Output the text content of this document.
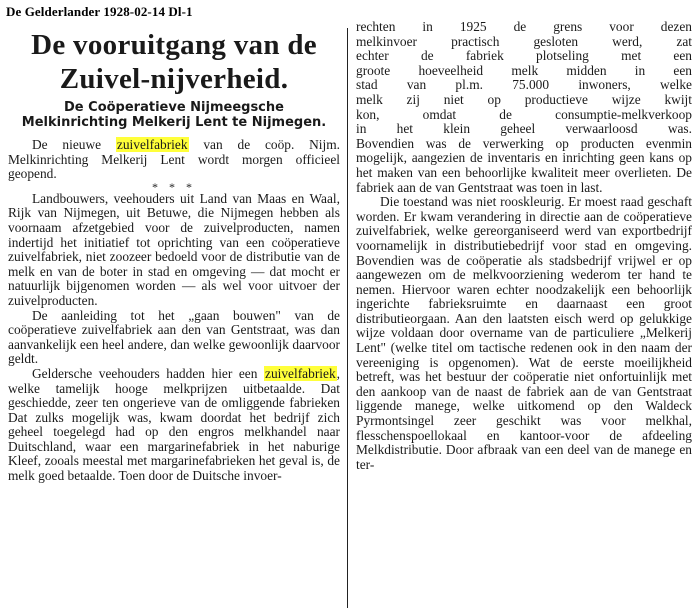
De Gelderlander 1928-02-14 Dl-1
De vooruitgang van de
Zuivel-nijverheid.
De Coöperatieve Nijmeegsche Melkinrichting Melkerij Lent te Nijmegen.

De nieuwe zuivelfabriek van de coöp. Nijm. Melkinrichting Melkerij Lent wordt morgen officieel geopend.

* * *

Landbouwers, veehouders uit Land van Maas en Waal, Rijk van Nijmegen, uit Betuwe, die Nijmegen hebben als voornaam afzetgebied voor de zuivelproducten, namen indertijd het initiatief tot oprichting van een coöperatieve zuivelfabriek, niet zoozeer bedoeld voor de distributie van de melk en van de boter in stad en omgeving — dat mocht er natuurlijk bijgenomen worden — als wel voor uitvoer der zuivelproducten.

De aanleiding tot het „gaan bouwen" van de coöperatieve zuivelfabriek aan den van Gentstraat, was dan aanvankelijk een heel andere, dan welke gewoonlijk daarvoor geldt.

Geldersche veehouders hadden hier een zuivelfabriek, welke tamelijk hooge melkprijzen uitbetaalde. Dat geschiedde, zeer ten ongerieve van de omliggende fabrieken Dat zulks mogelijk was, kwam doordat het bedrijf zich geheel toegelegd had op den engros melkhandel naar Duitschland, waar een margarinefabriek in het naburige Kleef, zooals meestal met margarinefabrieken het geval is, de melk goed betaalde. Toen door de Duitsche invoer-

rechten in 1925 de grens voor dezen
melkinvoer practisch gesloten werd, zat
echter de fabriek plotseling met een
groote hoeveelheid melk midden in een
stad van pl.m. 75.000 inwoners, welke
melk zij niet op productieve wijze kwijt
kon, omdat de consumptie-melkverkoop
in het klein geheel verwaarloosd was.
Bovendien was de verwerking op producten evenmin mogelijk, aangezien de inventaris en inrichting geen kans op het maken van een behoorlijke kwaliteit meer overlieten. De fabriek aan de van Gentstraat was toen in last.

Die toestand was niet rooskleurig. Er moest raad geschaft worden. Er kwam verandering in directie aan de coöperatieve zuivelfabriek, welke gereorganiseerd werd van exportbedrijf voornamelijk in distributiebedrijf voor stad en omgeving. Bovendien was de coöperatie als stadsbedrijf vrijwel er op aangewezen om de melkvoorziening wederom ter hand te nemen. Hiervoor waren echter noodzakelijk een behoorlijk ingerichte fabrieksruimte en daarnaast een groot distributieorgaan. Aan den laatsten eisch werd op gelukkige wijze voldaan door overname van de particuliere „Melkerij Lent" (welke titel om tactische redenen ook in den naam der vereeniging is opgenomen). Wat de eerste moeilijkheid betreft, was het bestuur der coöperatie niet onfortuinlijk met den aankoop van de naast de fabriek aan de van Gentstraat liggende manege, welke uitkomend op den Waldeck Pyrmontsingel zeer geschikt was voor melkhal, flesschenspoellokaal en kantoor-voor de afdeeling Melkdistributie. Door afbraak van een deel van de manege en ter-
